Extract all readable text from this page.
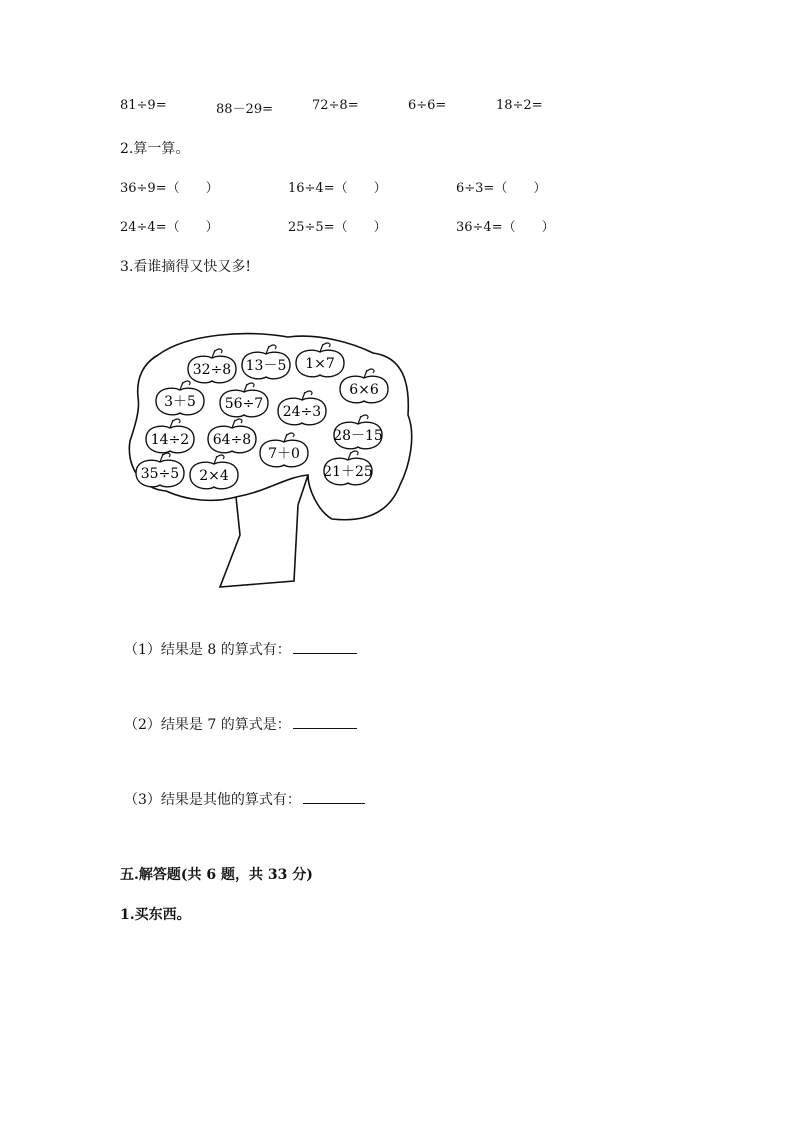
81÷9=	88－29=	72÷8=	6÷6=	18÷2=
2.算一算。
36÷9=（　　）	16÷4=（　　）	6÷3=（　　）
24÷4=（　　）	25÷5=（　　）	36÷4=（　　）
3.看谁摘得又快又多!
32÷8 13－5 1×7
6×6
3＋5 56÷7 24÷3
28－15
14÷2 64÷8
7＋0
21＋25
35÷5 2×4
（1）结果是 8 的算式有：
（2）结果是 7 的算式是：
（3）结果是其他的算式有：
五.解答题(共 6 题，共 33 分)
1.买东西。
